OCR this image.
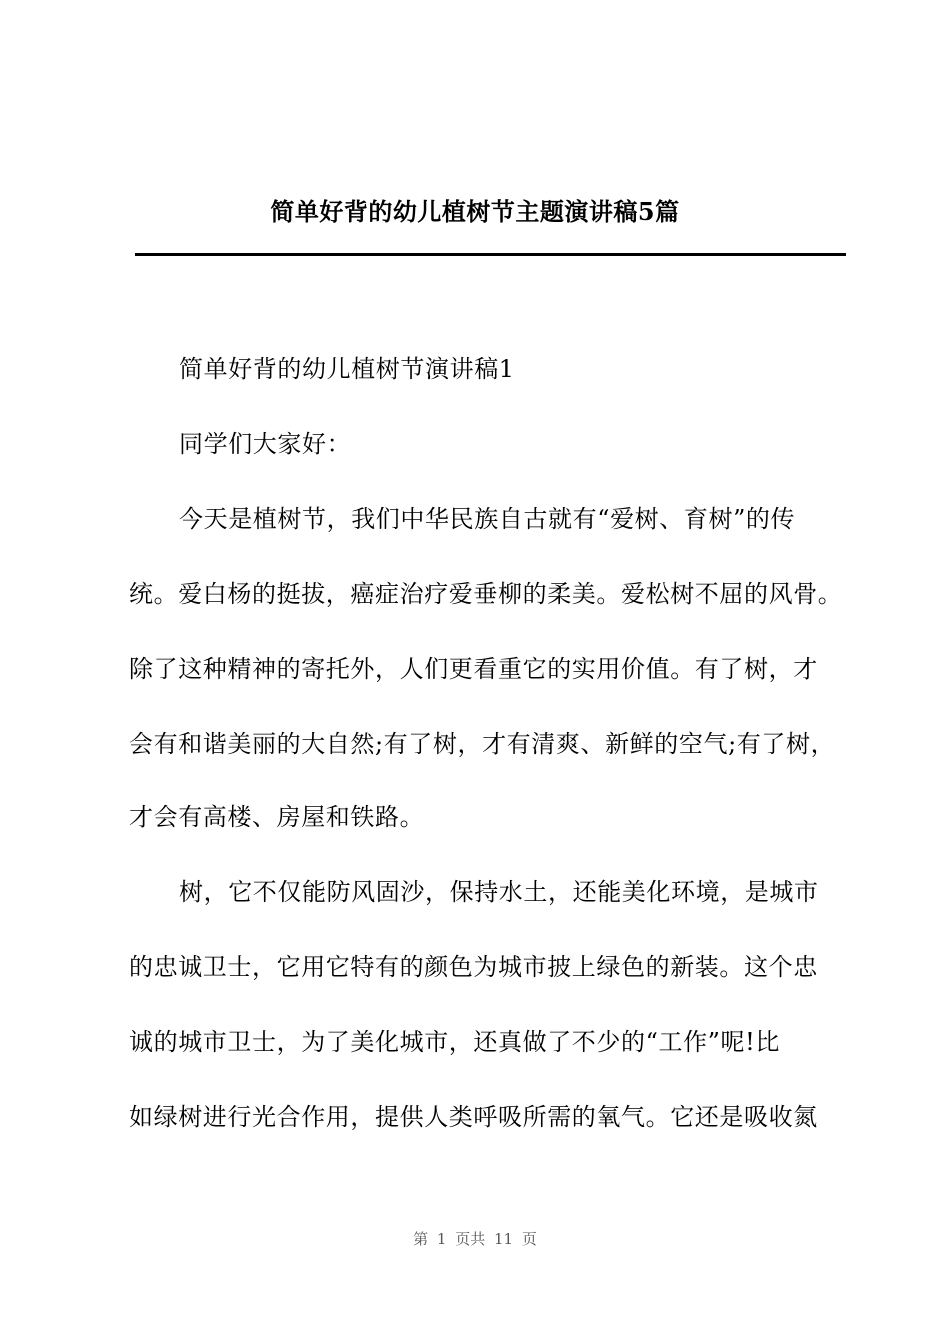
简单好背的幼儿植树节主题演讲稿5篇
简单好背的幼儿植树节演讲稿1
同学们大家好：
今天是植树节，我们中华民族自古就有“爱树、育树”的传
统。爱白杨的挺拔，癌症治疗爱垂柳的柔美。爱松树不屈的风骨。
除了这种精神的寄托外，人们更看重它的实用价值。有了树，才
会有和谐美丽的大自然;有了树，才有清爽、新鲜的空气;有了树，
才会有高楼、房屋和铁路。
树，它不仅能防风固沙，保持水土，还能美化环境，是城市
的忠诚卫士，它用它特有的颜色为城市披上绿色的新装。这个忠
诚的城市卫士，为了美化城市，还真做了不少的“工作”呢!比
如绿树进行光合作用，提供人类呼吸所需的氧气。它还是吸收氮
第 1 页共 11 页
